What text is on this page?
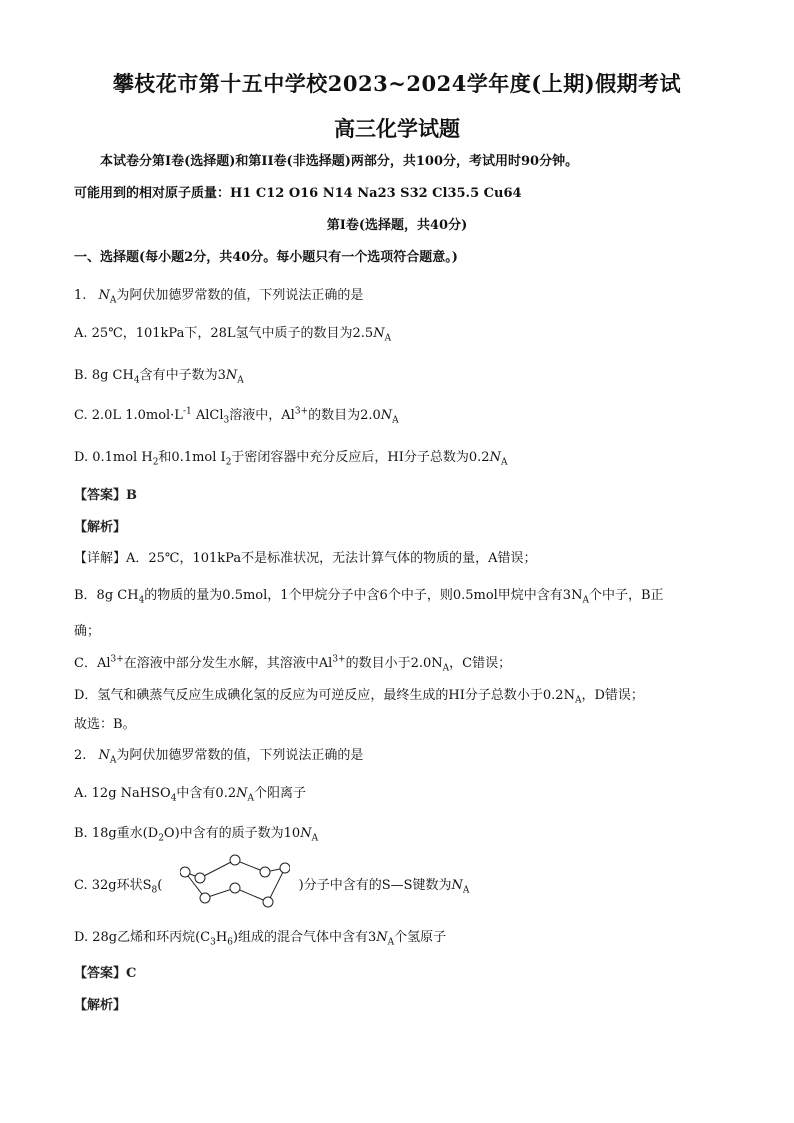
攀枝花市第十五中学校2023~2024学年度(上期)假期考试
高三化学试题
本试卷分第I卷(选择题)和第II卷(非选择题)两部分，共100分，考试用时90分钟。
可能用到的相对原子质量：H1 C12 O16 N14 Na23 S32 Cl35.5 Cu64
第I卷(选择题，共40分)
一、选择题(每小题2分，共40分。每小题只有一个选项符合题意。)
1. $N_A$为阿伏加德罗常数的值，下列说法正确的是
A. 25℃，101kPa下，28L氢气中质子的数目为$2.5N_A$
B. 8g $CH_4$含有中子数为$3N_A$
C. 2.0L $1.0mol\cdot L^{-1}$ AlCl$_3$溶液中，$Al^{3+}$的数目为$2.0N_A$
D. 0.1mol $H_2$和0.1mol $I_2$于密闭容器中充分反应后，HI分子总数为$0.2N_A$
【答案】B
【解析】
【详解】A．25℃，101kPa不是标准状况，无法计算气体的物质的量，A错误；
B．8g $CH_4$的物质的量为0.5mol，1个甲烷分子中含6个中子，则0.5mol甲烷中含有$3N_A$个中子，B正
确；
C．$Al^{3+}$在溶液中部分发生水解，其溶液中$Al^{3+}$的数目小于$2.0N_A$，C错误；
D．氢气和碘蒸气反应生成碘化氢的反应为可逆反应，最终生成的HI分子总数小于$0.2N_A$，D错误；
故选：B。
2. $N_A$为阿伏加德罗常数的值，下列说法正确的是
A. 12g NaHSO$_4$中含有$0.2N_A$个阳离子
B. 18g重水$(D_2O)$中含有的质子数为$10N_A$
C. 32g环状$S_8$(	)分子中含有的S—S键数为$N_A$
D. 28g乙烯和环丙烷$(C_3H_6)$组成的混合气体中含有$3N_A$个氢原子
【答案】C
【解析】
